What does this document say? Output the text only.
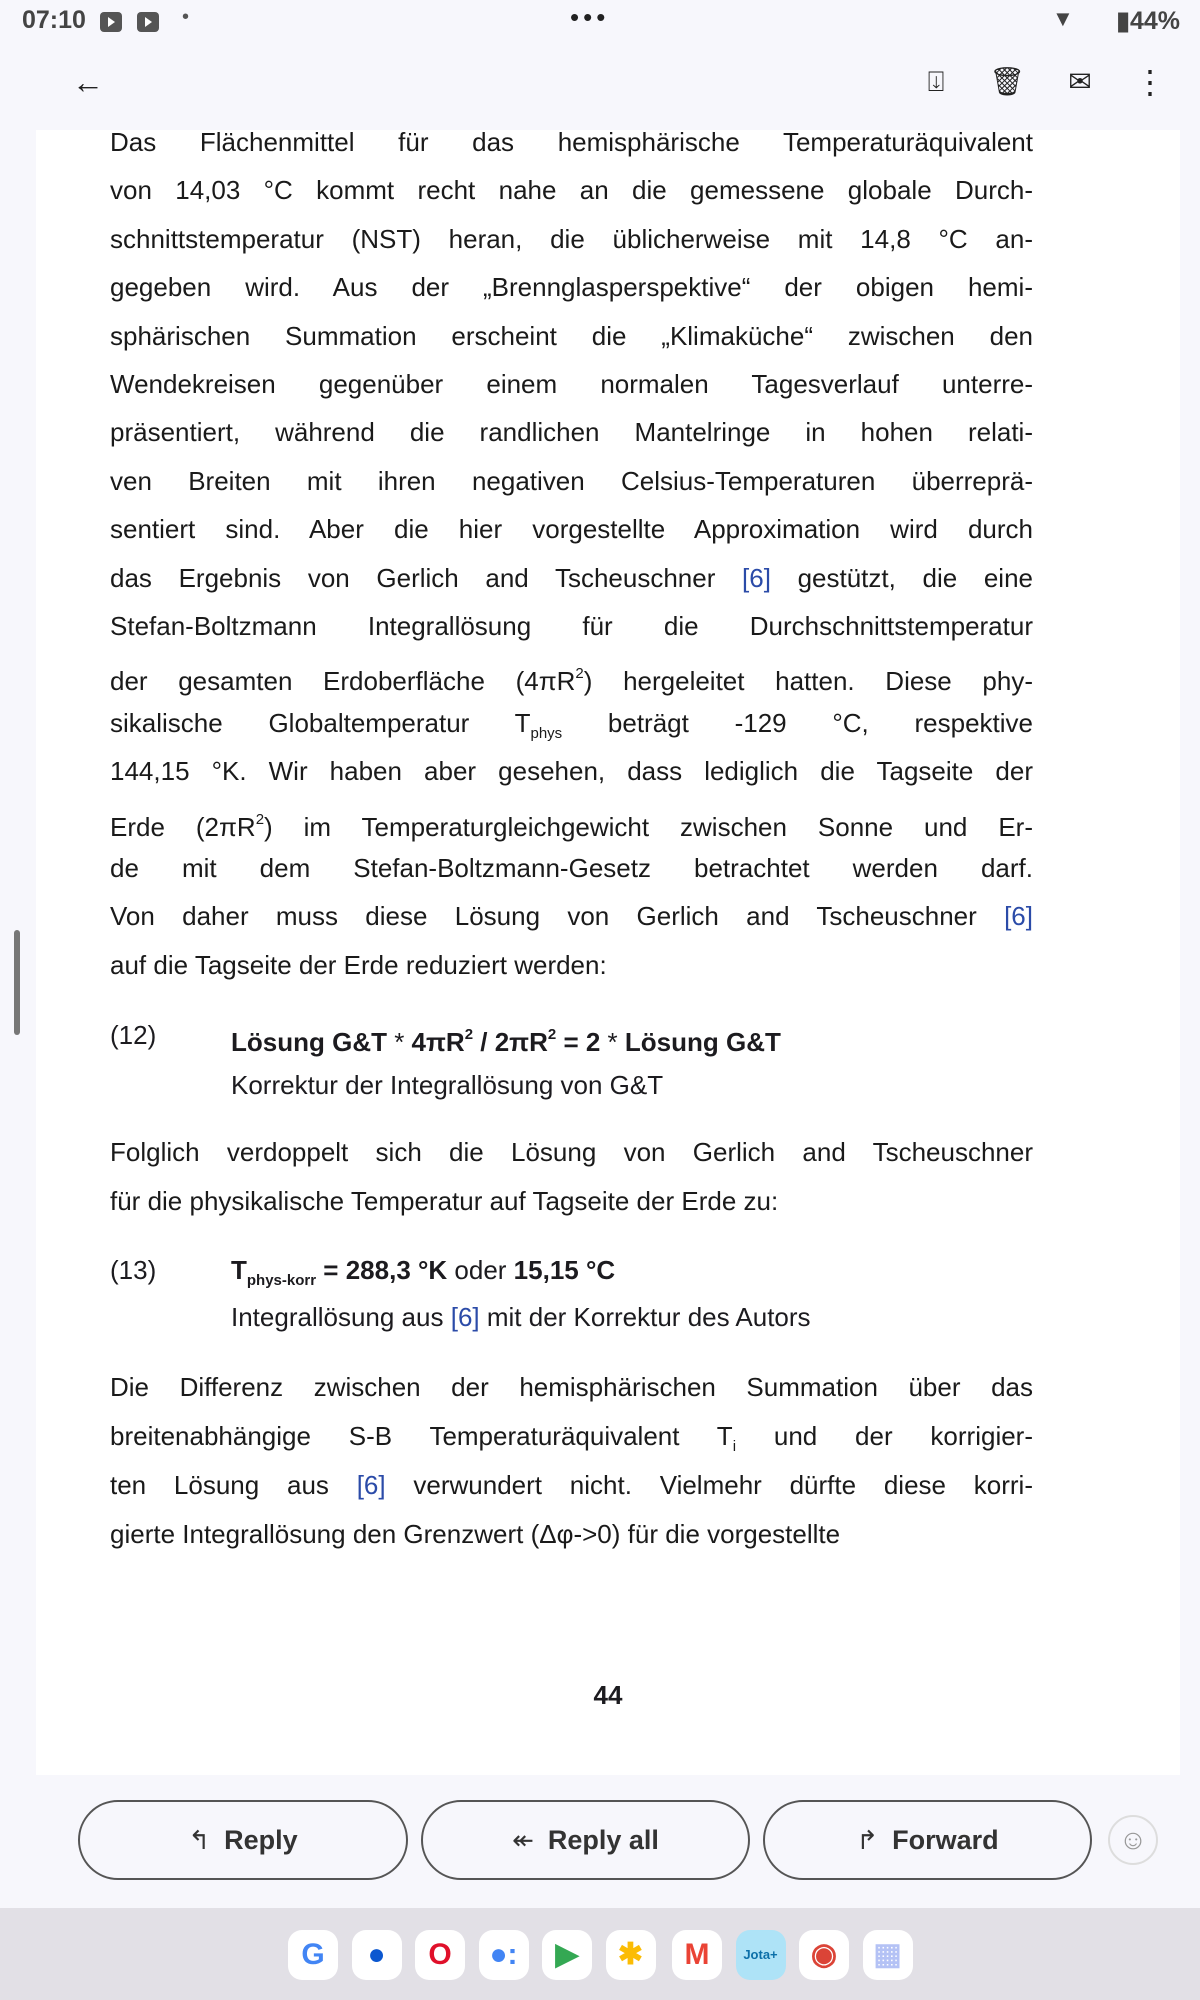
07:10	•	•••	▼ ▮44%
←	⍗	🗑 ✉ ⋮
Das Flächenmittel für das hemisphärische Temperaturäquivalent
von 14,03 °C kommt recht nahe an die gemessene globale Durch-
schnittstemperatur (NST) heran, die üblicherweise mit 14,8 °C an-
gegeben wird. Aus der „Brennglasperspektive“ der obigen hemi-
sphärischen Summation erscheint die „Klimaküche“ zwischen den
Wendekreisen gegenüber einem normalen Tagesverlauf unterre-
präsentiert, während die randlichen Mantelringe in hohen relati-
ven Breiten mit ihren negativen Celsius-Temperaturen überreprä-
sentiert sind. Aber die hier vorgestellte Approximation wird durch
das Ergebnis von Gerlich and Tscheuschner [6] gestützt, die eine
Stefan-Boltzmann Integrallösung für die Durchschnittstemperatur
der gesamten Erdoberfläche $(4\pi R^2)$ hergeleitet hatten. Diese phy-
sikalische Globaltemperatur $T_{phys}$ beträgt -129 °C, respektive
144,15 °K. Wir haben aber gesehen, dass lediglich die Tagseite der
Erde $(2\pi R^2)$ im Temperaturgleichgewicht zwischen Sonne und Er-
de mit dem Stefan-Boltzmann-Gesetz betrachtet werden darf.
Von daher muss diese Lösung von Gerlich and Tscheuschner [6]
auf die Tagseite der Erde reduziert werden:
(12)	Lösung G&T * $4\pi R^2 / 2\pi R^2 = 2$ * Lösung G&T
Korrektur der Integrallösung von G&T
Folglich verdoppelt sich die Lösung von Gerlich and Tscheuschner
für die physikalische Temperatur auf Tagseite der Erde zu:
(13)	$T_{phys-korr} = 288,3$ °K oder 15,15 °C
Integrallösung aus [6] mit der Korrektur des Autors
Die Differenz zwischen der hemisphärischen Summation über das
breitenabhängige S-B Temperaturäquivalent $T_i$ und der korrigier-
ten Lösung aus [6] verwundert nicht. Vielmehr dürfte diese korri-
gierte Integrallösung den Grenzwert (Δφ->0) für die vorgestellte
44
↰ Reply	↞ Reply all	↱ Forward	☺
G	●	O	●:	▶	✱	M	Jota+	◉	▦
